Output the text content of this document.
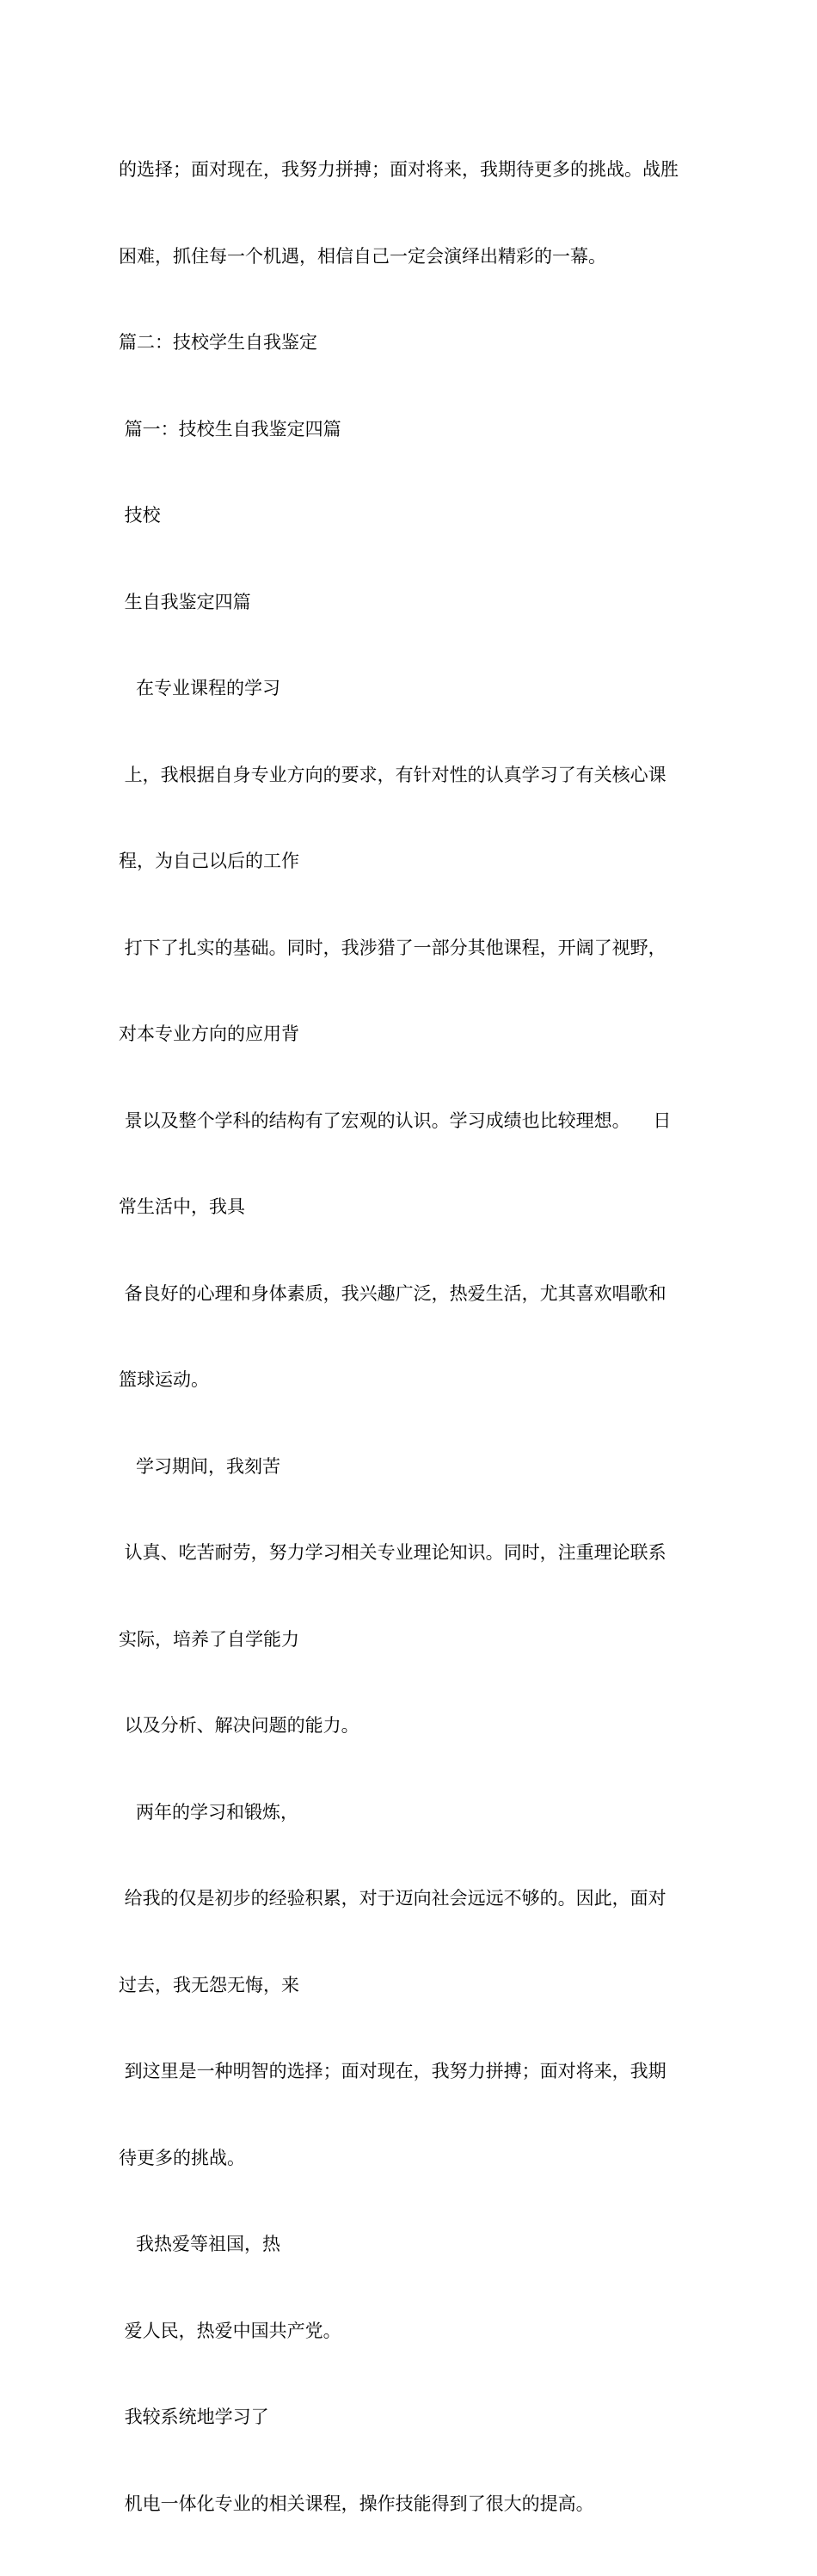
的选择；面对现在，我努力拼搏；面对将来，我期待更多的挑战。战胜

困难，抓住每一个机遇，相信自己一定会演绎出精彩的一幕。

篇二：技校学生自我鉴定

篇一：技校生自我鉴定四篇

技校

生自我鉴定四篇

在专业课程的学习

上，我根据自身专业方向的要求，有针对性的认真学习了有关核心课

程，为自己以后的工作

打下了扎实的基础。同时，我涉猎了一部分其他课程，开阔了视野，

对本专业方向的应用背

景以及整个学科的结构有了宏观的认识。学习成绩也比较理想。    日

常生活中，我具

备良好的心理和身体素质，我兴趣广泛，热爱生活，尤其喜欢唱歌和

篮球运动。

学习期间，我刻苦

认真、吃苦耐劳，努力学习相关专业理论知识。同时，注重理论联系

实际，培养了自学能力

以及分析、解决问题的能力。

两年的学习和锻炼，

给我的仅是初步的经验积累，对于迈向社会远远不够的。因此，面对

过去，我无怨无悔，来

到这里是一种明智的选择；面对现在，我努力拼搏；面对将来，我期

待更多的挑战。

我热爱等祖国，热

爱人民，热爱中国共产党。

我较系统地学习了

机电一体化专业的相关课程，操作技能得到了很大的提高。
